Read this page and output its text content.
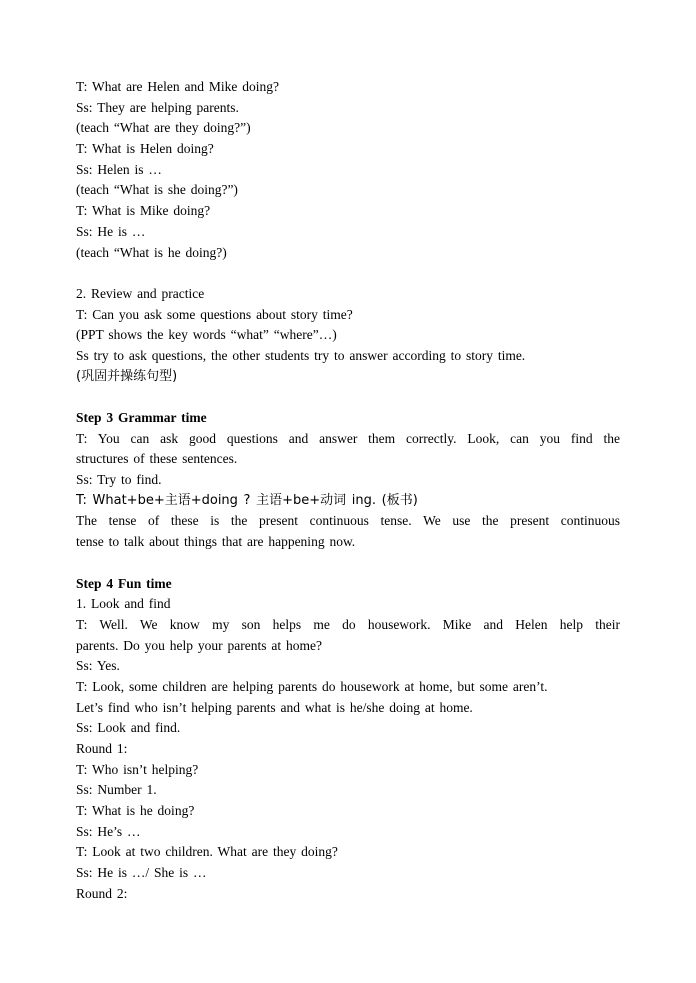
T: What are Helen and Mike doing?
Ss: They are helping parents.
(teach “What are they doing?”)
T: What is Helen doing?
Ss: Helen is …
(teach “What is she doing?”)
T: What is Mike doing?
Ss: He is …
(teach “What is he doing?)
2. Review and practice
T: Can you ask some questions about story time?
(PPT shows the key words “what” “where”…)
Ss try to ask questions, the other students try to answer according to story time.
(巩固并操练句型)
Step 3 Grammar time
T: You can ask good questions and answer them correctly. Look, can you find the
structures of these sentences.
Ss: Try to find.
T: What+be+主语+doing ? 主语+be+动词 ing. (板书)
The tense of these is the present continuous tense. We use the present continuous
tense to talk about things that are happening now.
Step 4 Fun time
1. Look and find
T: Well. We know my son helps me do housework. Mike and Helen help their
parents. Do you help your parents at home?
Ss: Yes.
T: Look, some children are helping parents do housework at home, but some aren’t.
Let’s find who isn’t helping parents and what is he/she doing at home.
Ss: Look and find.
Round 1:
T: Who isn’t helping?
Ss: Number 1.
T: What is he doing?
Ss: He’s …
T: Look at two children. What are they doing?
Ss: He is …/ She is …
Round 2:
